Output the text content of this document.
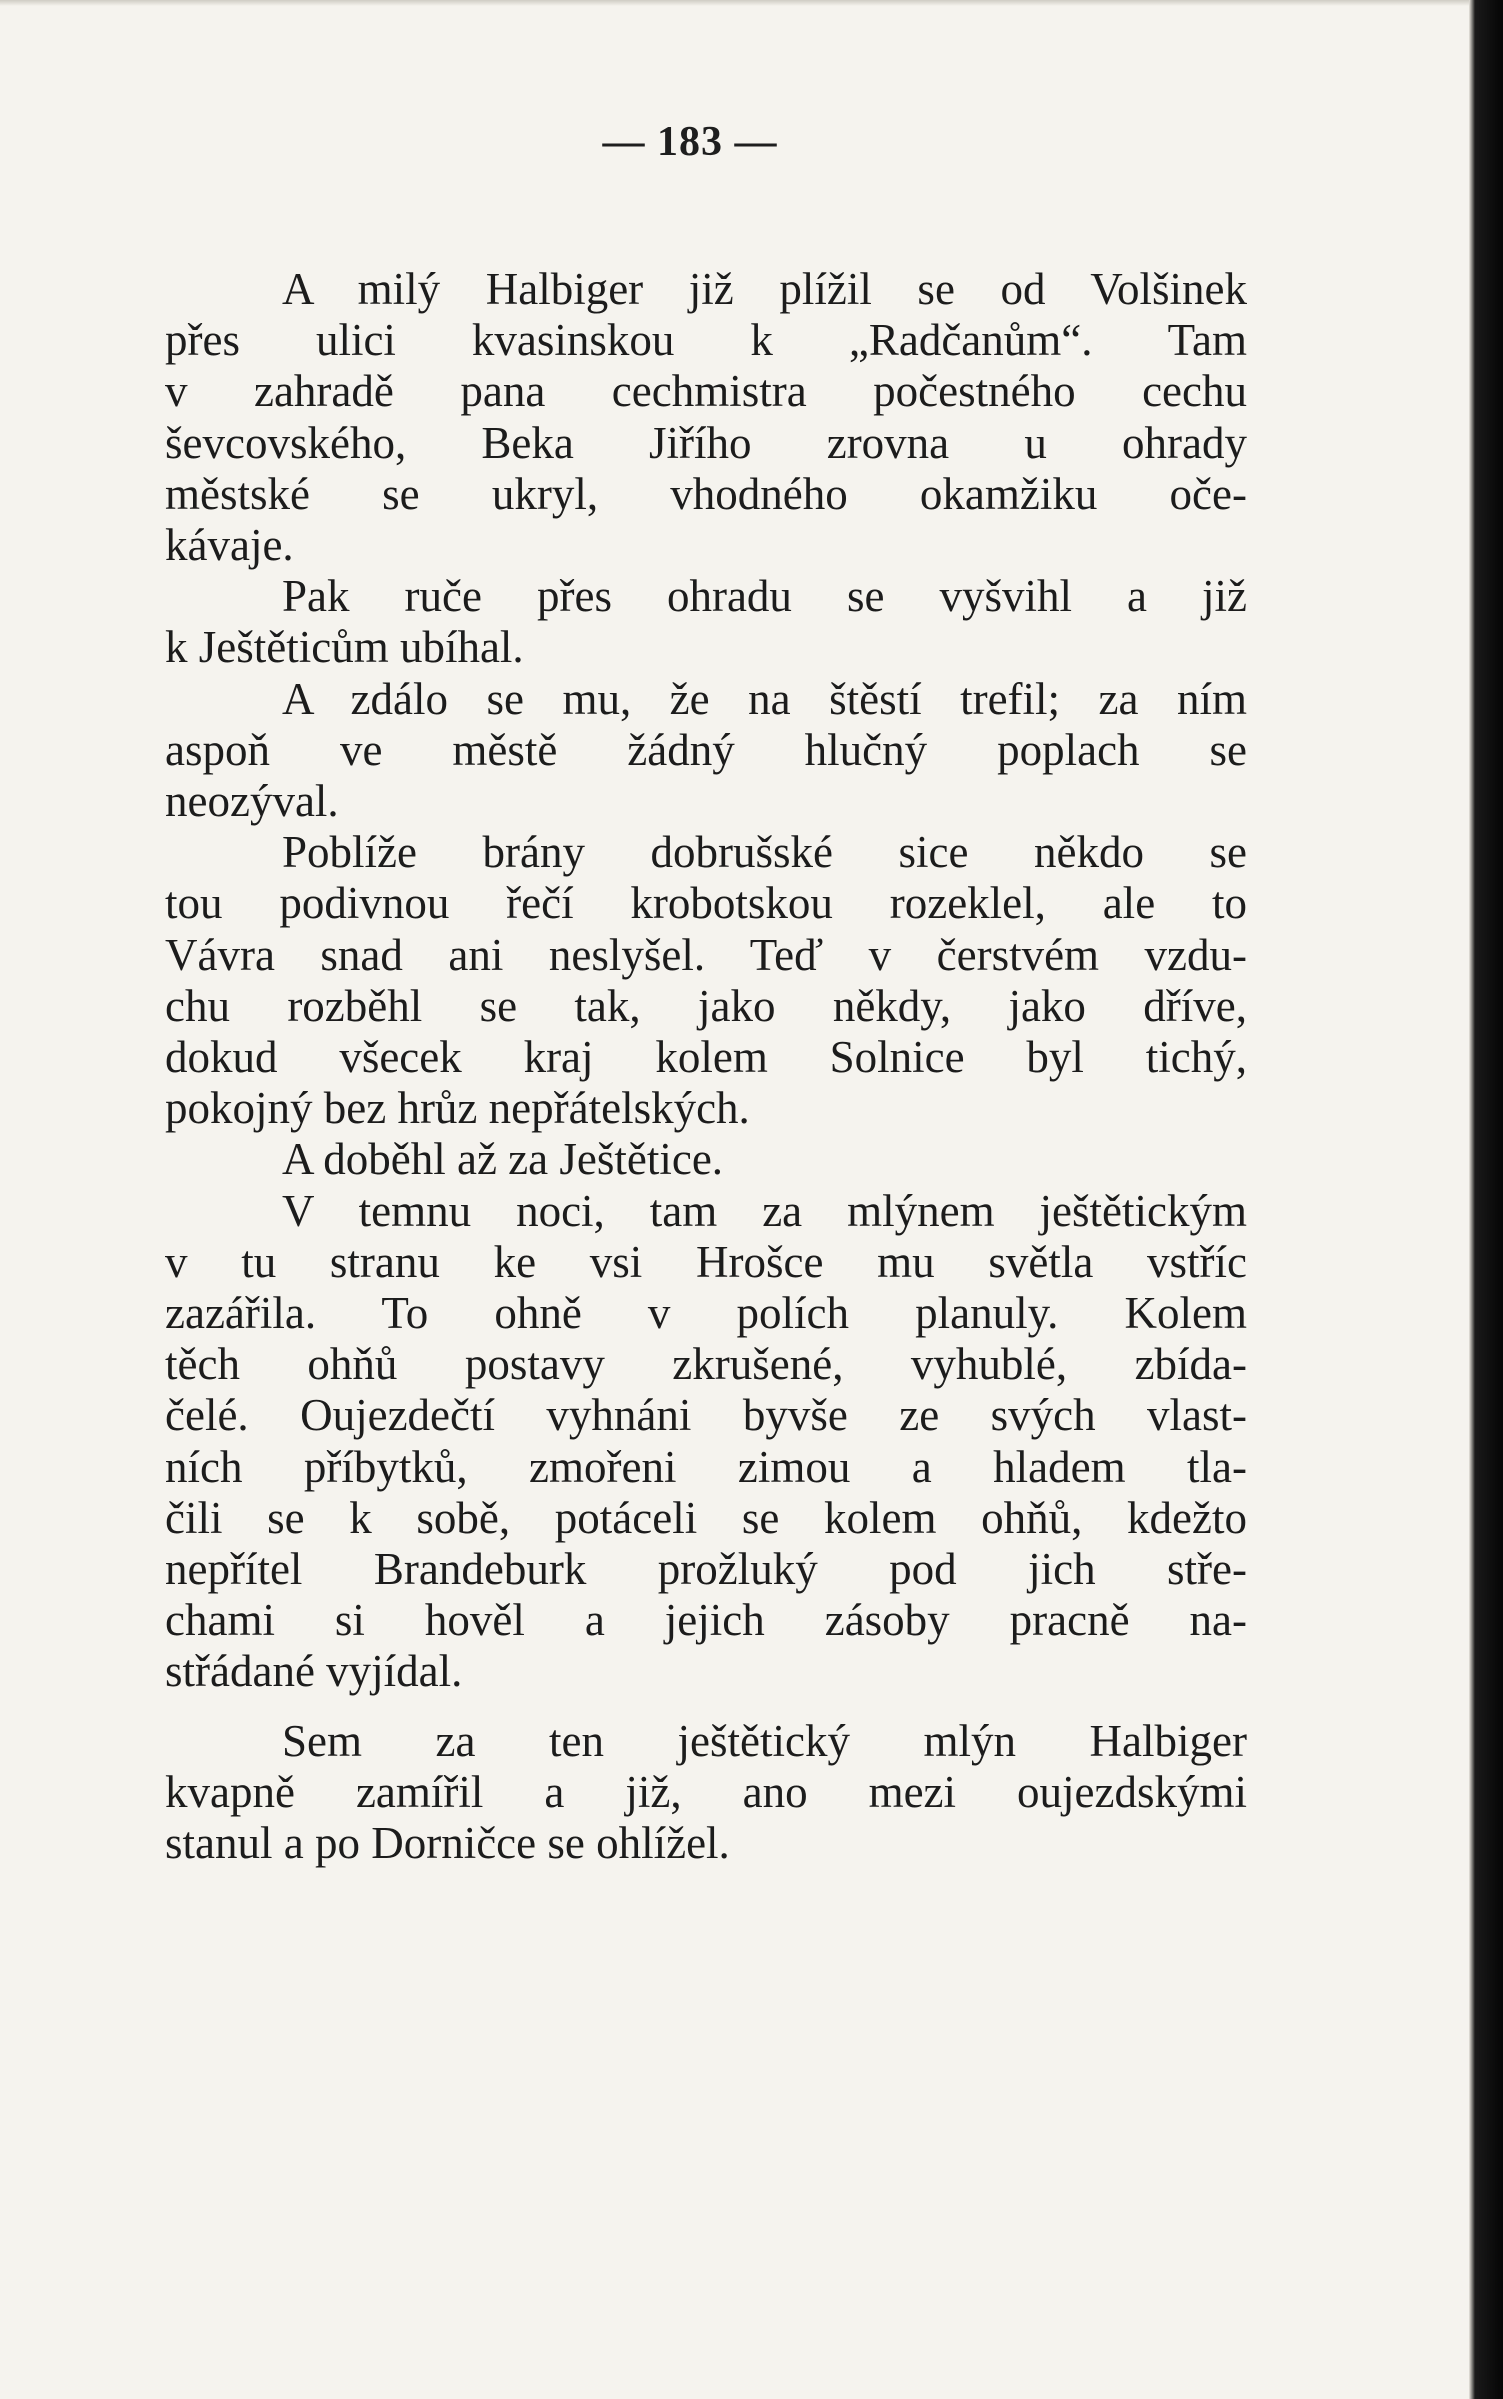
— 183 —

A milý Halbiger již plížil se od Volšinek
přes ulici kvasinskou k „Radčanům“. Tam
v zahradě pana cechmistra počestného cechu
ševcovského, Beka Jiřího zrovna u ohrady
městské se ukryl, vhodného okamžiku oče-
kávaje.

Pak ruče přes ohradu se vyšvihl a již
k Ještěticům ubíhal.

A zdálo se mu, že na štěstí trefil; za ním
aspoň ve městě žádný hlučný poplach se
neozýval.

Poblíže brány dobrušské sice někdo se
tou podivnou řečí krobotskou rozeklel, ale to
Vávra snad ani neslyšel. Teď v čerstvém vzdu-
chu rozběhl se tak, jako někdy, jako dříve,
dokud všecek kraj kolem Solnice byl tichý,
pokojný bez hrůz nepřátelských.

A doběhl až za Ještětice.

V temnu noci, tam za mlýnem ještětickým
v tu stranu ke vsi Hrošce mu světla vstříc
zazářila. To ohně v polích planuly. Kolem
těch ohňů postavy zkrušené, vyhublé, zbída-
čelé. Oujezdečtí vyhnáni byvše ze svých vlast-
ních příbytků, zmořeni zimou a hladem tla-
čili se k sobě, potáceli se kolem ohňů, kdežto
nepřítel Brandeburk prožluký pod jich stře-
chami si hověl a jejich zásoby pracně na-
střádané vyjídal.

Sem za ten ještětický mlýn Halbiger
kvapně zamířil a již, ano mezi oujezdskými
stanul a po Dorničce se ohlížel.
